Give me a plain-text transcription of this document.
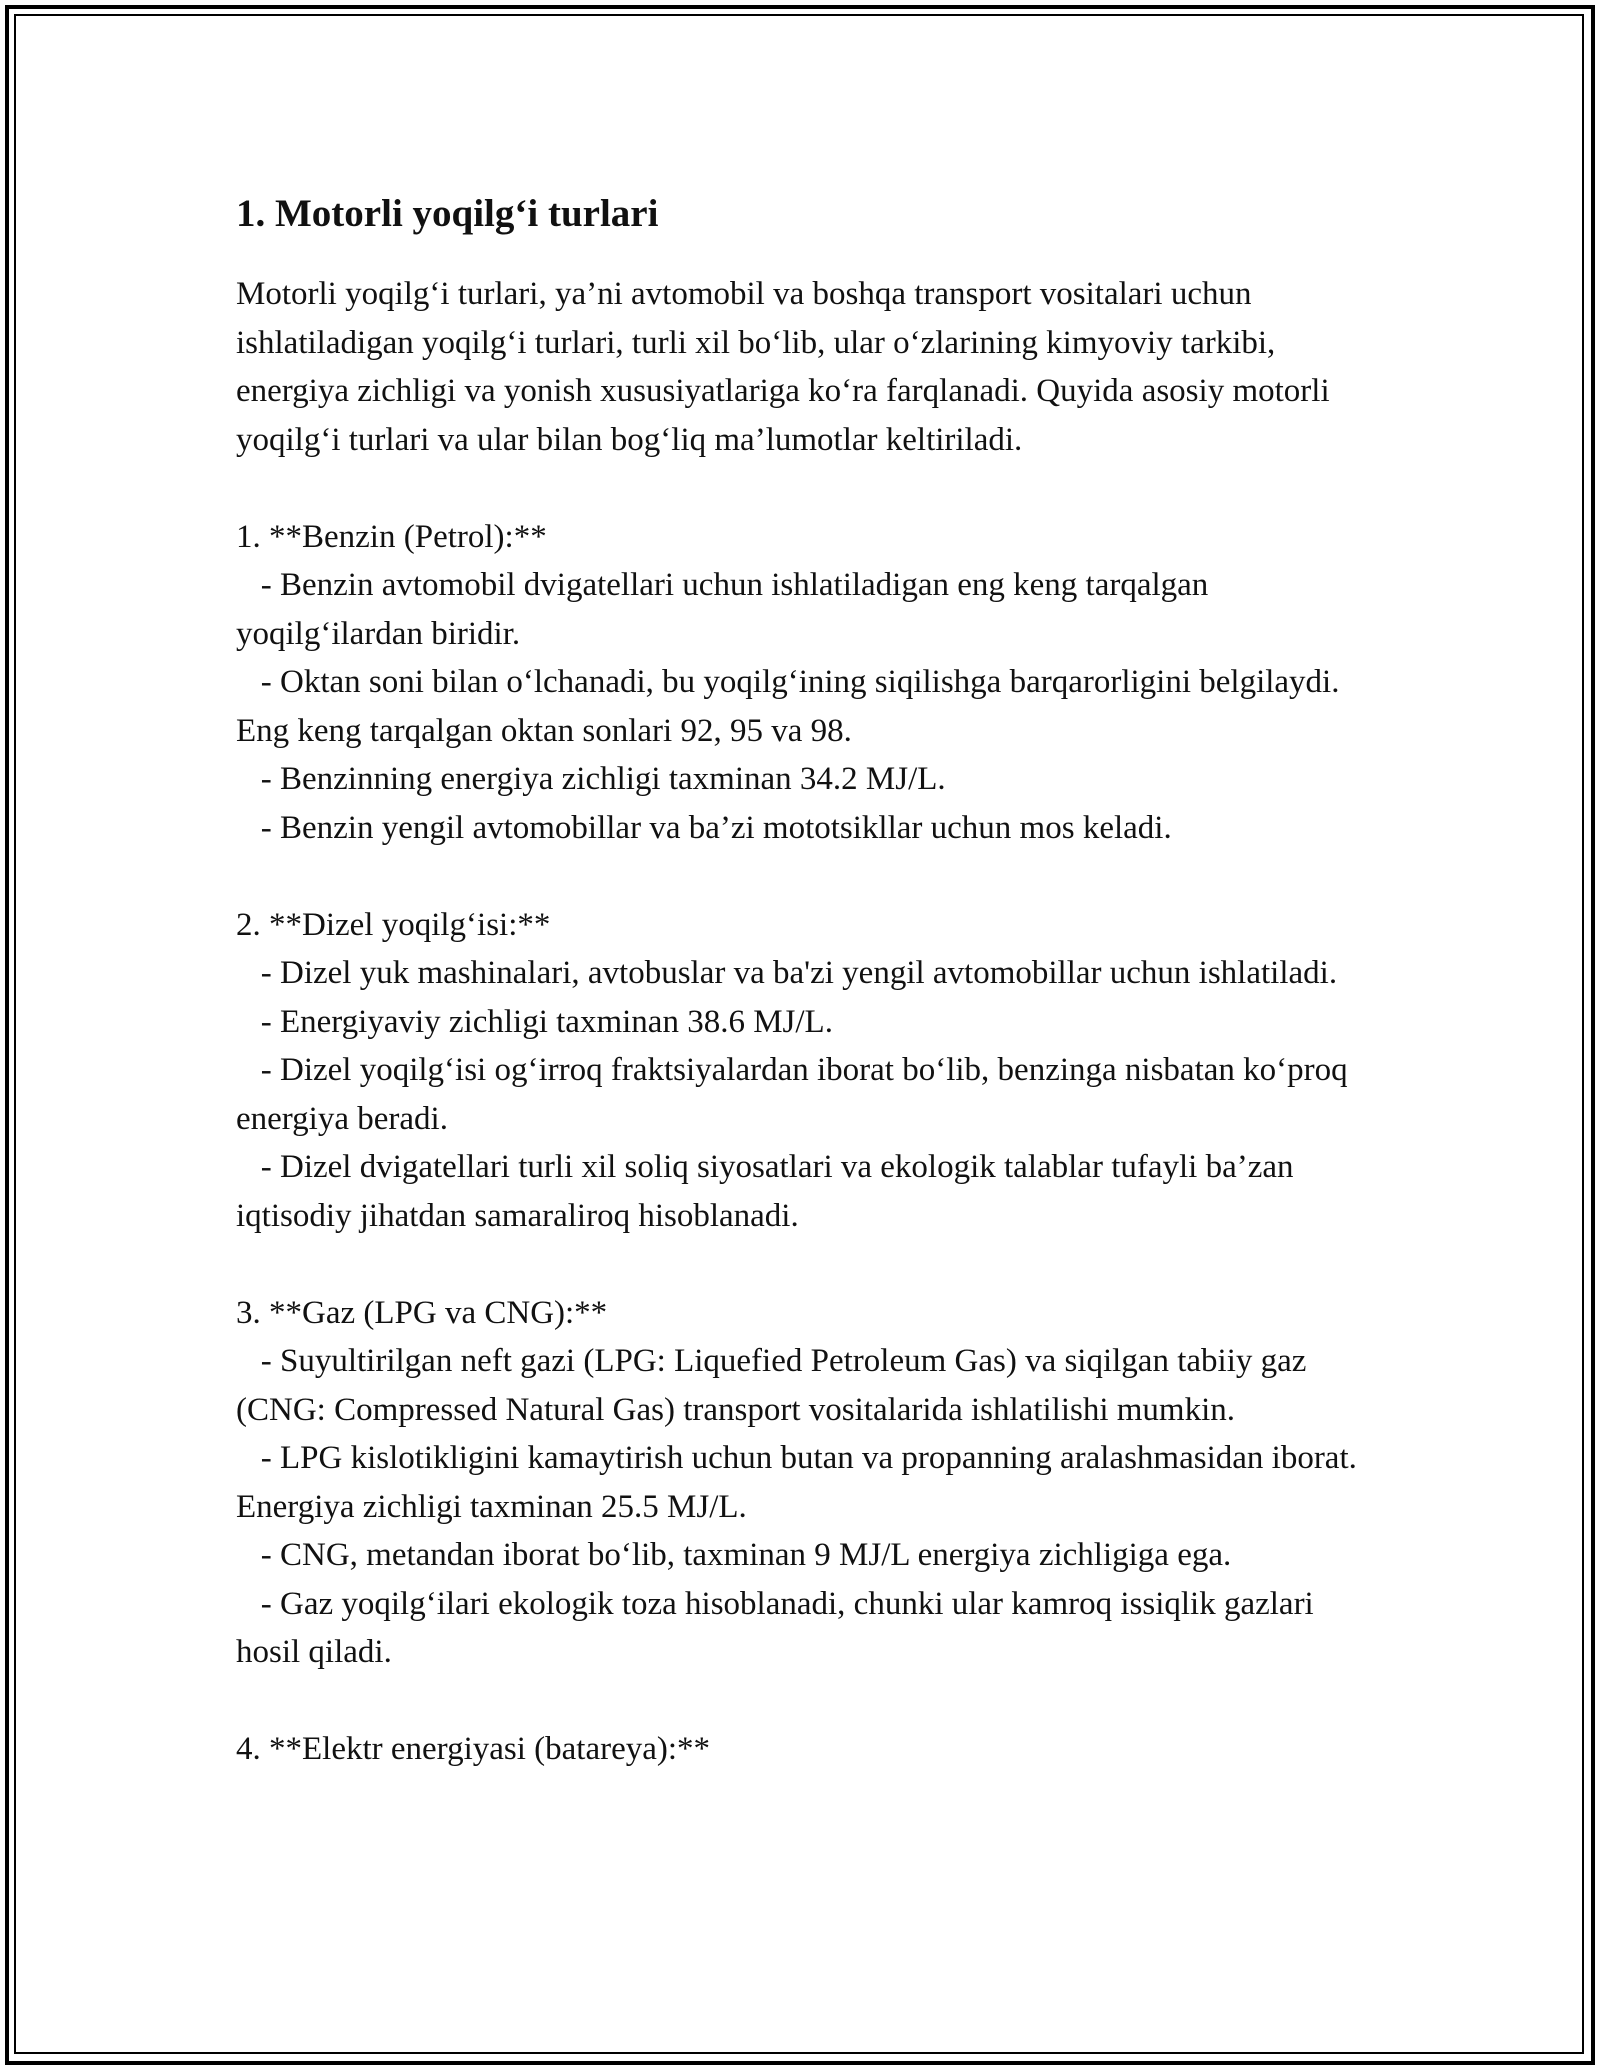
1. Motorli yoqilg‘i turlari

Motorli yoqilg‘i turlari, ya’ni avtomobil va boshqa transport vositalari uchun ishlatiladigan yoqilg‘i turlari, turli xil bo‘lib, ular o‘zlarining kimyoviy tarkibi, energiya zichligi va yonish xususiyatlariga ko‘ra farqlanadi. Quyida asosiy motorli yoqilg‘i turlari va ular bilan bog‘liq ma’lumotlar keltiriladi.

1. **Benzin (Petrol):**
- Benzin avtomobil dvigatellari uchun ishlatiladigan eng keng tarqalgan yoqilg‘ilardan biridir.
- Oktan soni bilan o‘lchanadi, bu yoqilg‘ining siqilishga barqarorligini belgilaydi. Eng keng tarqalgan oktan sonlari 92, 95 va 98.
- Benzinning energiya zichligi taxminan 34.2 MJ/L.
- Benzin yengil avtomobillar va ba’zi mototsikllar uchun mos keladi.

2. **Dizel yoqilg‘isi:**
- Dizel yuk mashinalari, avtobuslar va ba'zi yengil avtomobillar uchun ishlatiladi.
- Energiyaviy zichligi taxminan 38.6 MJ/L.
- Dizel yoqilg‘isi og‘irroq fraktsiyalardan iborat bo‘lib, benzinga nisbatan ko‘proq energiya beradi.
- Dizel dvigatellari turli xil soliq siyosatlari va ekologik talablar tufayli ba’zan iqtisodiy jihatdan samaraliroq hisoblanadi.

3. **Gaz (LPG va CNG):**
- Suyultirilgan neft gazi (LPG: Liquefied Petroleum Gas) va siqilgan tabiiy gaz (CNG: Compressed Natural Gas) transport vositalarida ishlatilishi mumkin.
- LPG kislotikligini kamaytirish uchun butan va propanning aralashmasidan iborat. Energiya zichligi taxminan 25.5 MJ/L.
- CNG, metandan iborat bo‘lib, taxminan 9 MJ/L energiya zichligiga ega.
- Gaz yoqilg‘ilari ekologik toza hisoblanadi, chunki ular kamroq issiqlik gazlari hosil qiladi.

4. **Elektr energiyasi (batareya):**
